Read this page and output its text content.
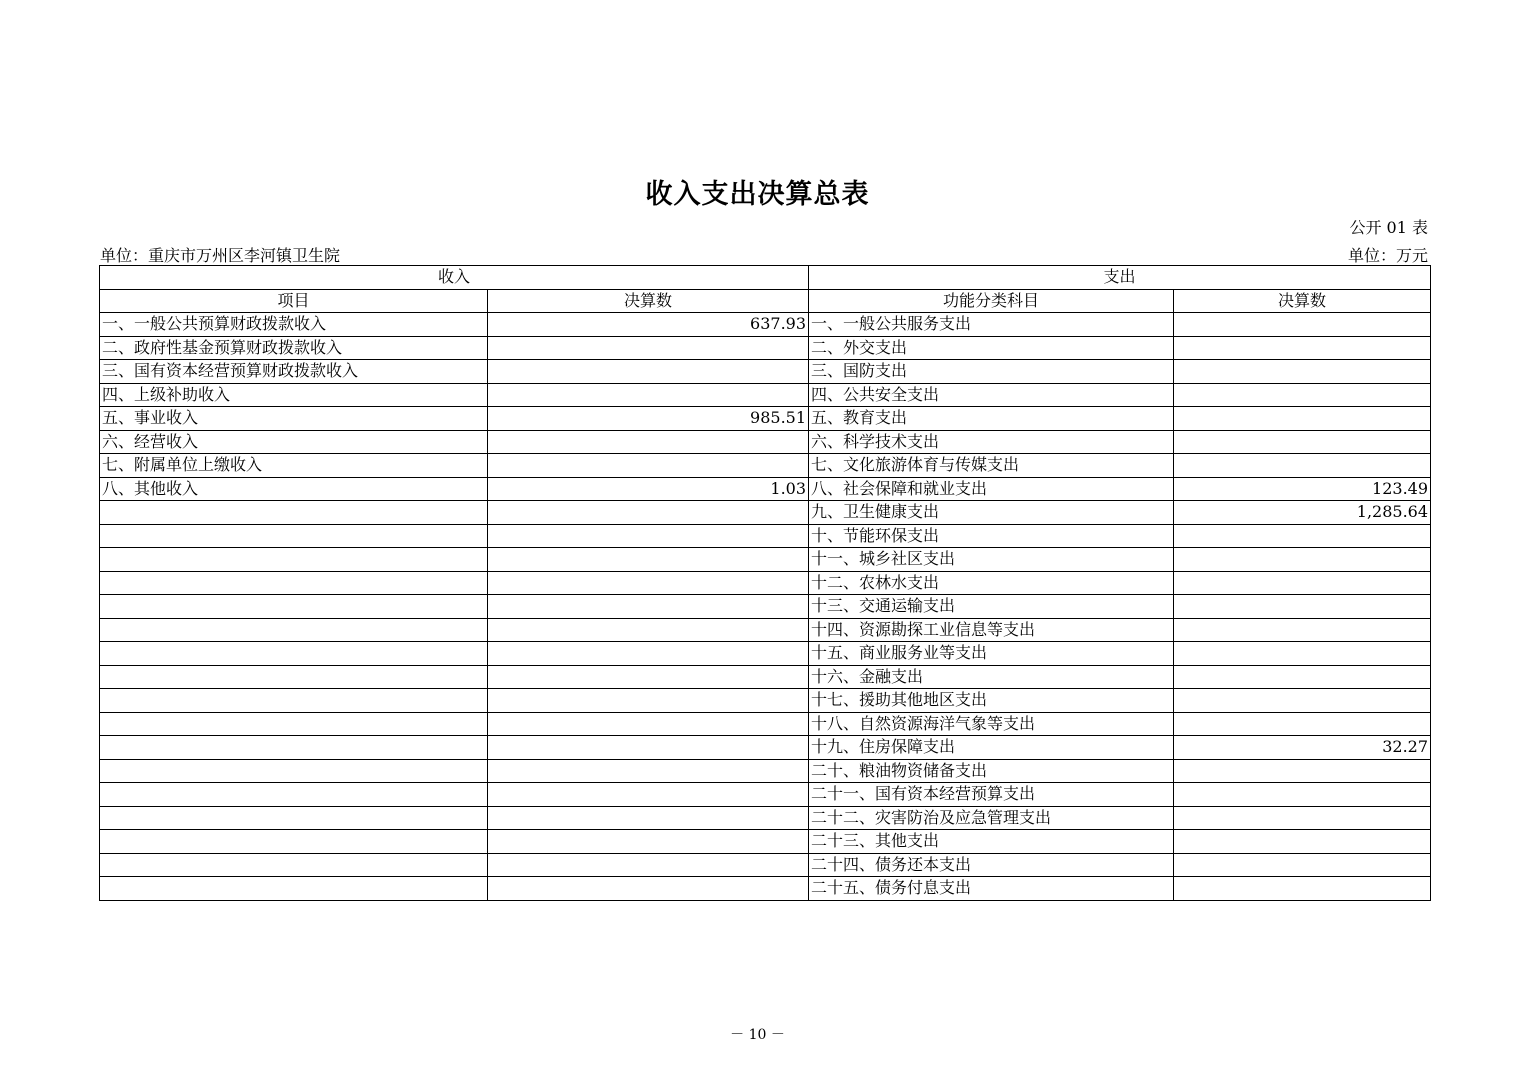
收入支出决算总表
公开 01 表
单位：重庆市万州区李河镇卫生院	单位：万元
收入		支出	
项目	决算数	功能分类科目	决算数
一、一般公共预算财政拨款收入	637.93	一、一般公共服务支出	
二、政府性基金预算财政拨款收入		二、外交支出	
三、国有资本经营预算财政拨款收入		三、国防支出	
四、上级补助收入		四、公共安全支出	
五、事业收入	985.51	五、教育支出	
六、经营收入		六、科学技术支出	
七、附属单位上缴收入		七、文化旅游体育与传媒支出	
八、其他收入	1.03	八、社会保障和就业支出	123.49
		九、卫生健康支出	1,285.64
		十、节能环保支出	
		十一、城乡社区支出	
		十二、农林水支出	
		十三、交通运输支出	
		十四、资源勘探工业信息等支出	
		十五、商业服务业等支出	
		十六、金融支出	
		十七、援助其他地区支出	
		十八、自然资源海洋气象等支出	
		十九、住房保障支出	32.27
		二十、粮油物资储备支出	
		二十一、国有资本经营预算支出	
		二十二、灾害防治及应急管理支出	
		二十三、其他支出	
		二十四、债务还本支出	
		二十五、债务付息支出	
－ 10 －
